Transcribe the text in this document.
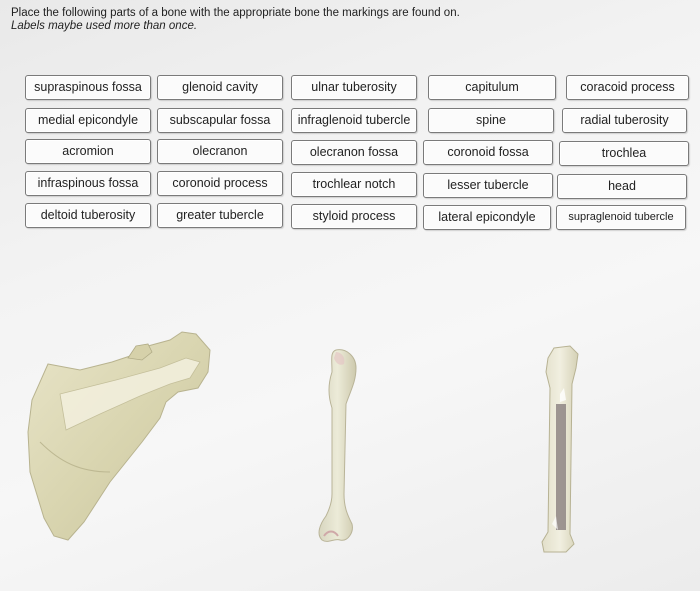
Place the following parts of a bone with the appropriate bone the markings are found on.
Labels maybe used more than once.
supraspinous fossa	glenoid cavity	ulnar tuberosity	capitulum	coracoid process
medial epicondyle	subscapular fossa	infraglenoid tubercle	spine	radial tuberosity
acromion	olecranon	olecranon fossa	coronoid fossa	trochlea
infraspinous fossa	coronoid process	trochlear notch	lesser tubercle	head
deltoid tuberosity	greater tubercle	styloid process	lateral epicondyle	supraglenoid tubercle
